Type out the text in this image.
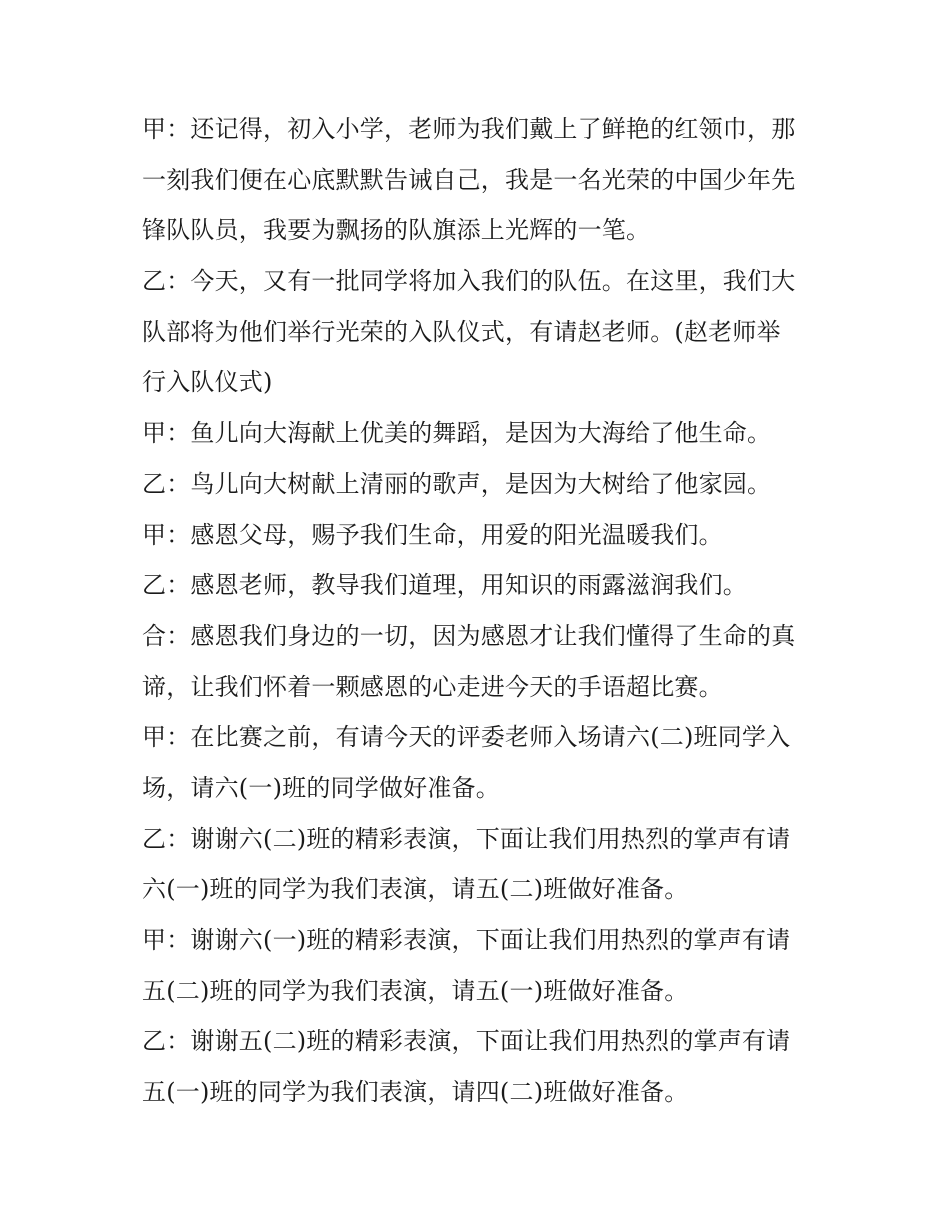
甲：还记得，初入小学，老师为我们戴上了鲜艳的红领巾，那
一刻我们便在心底默默告诫自己，我是一名光荣的中国少年先
锋队队员，我要为飘扬的队旗添上光辉的一笔。
乙：今天，又有一批同学将加入我们的队伍。在这里，我们大
队部将为他们举行光荣的入队仪式，有请赵老师。(赵老师举
行入队仪式)
甲：鱼儿向大海献上优美的舞蹈，是因为大海给了他生命。
乙：鸟儿向大树献上清丽的歌声，是因为大树给了他家园。
甲：感恩父母，赐予我们生命，用爱的阳光温暖我们。
乙：感恩老师，教导我们道理，用知识的雨露滋润我们。
合：感恩我们身边的一切，因为感恩才让我们懂得了生命的真
谛，让我们怀着一颗感恩的心走进今天的手语超比赛。
甲：在比赛之前，有请今天的评委老师入场请六(二)班同学入
场，请六(一)班的同学做好准备。
乙：谢谢六(二)班的精彩表演，下面让我们用热烈的掌声有请
六(一)班的同学为我们表演，请五(二)班做好准备。
甲：谢谢六(一)班的精彩表演，下面让我们用热烈的掌声有请
五(二)班的同学为我们表演，请五(一)班做好准备。
乙：谢谢五(二)班的精彩表演，下面让我们用热烈的掌声有请
五(一)班的同学为我们表演，请四(二)班做好准备。
